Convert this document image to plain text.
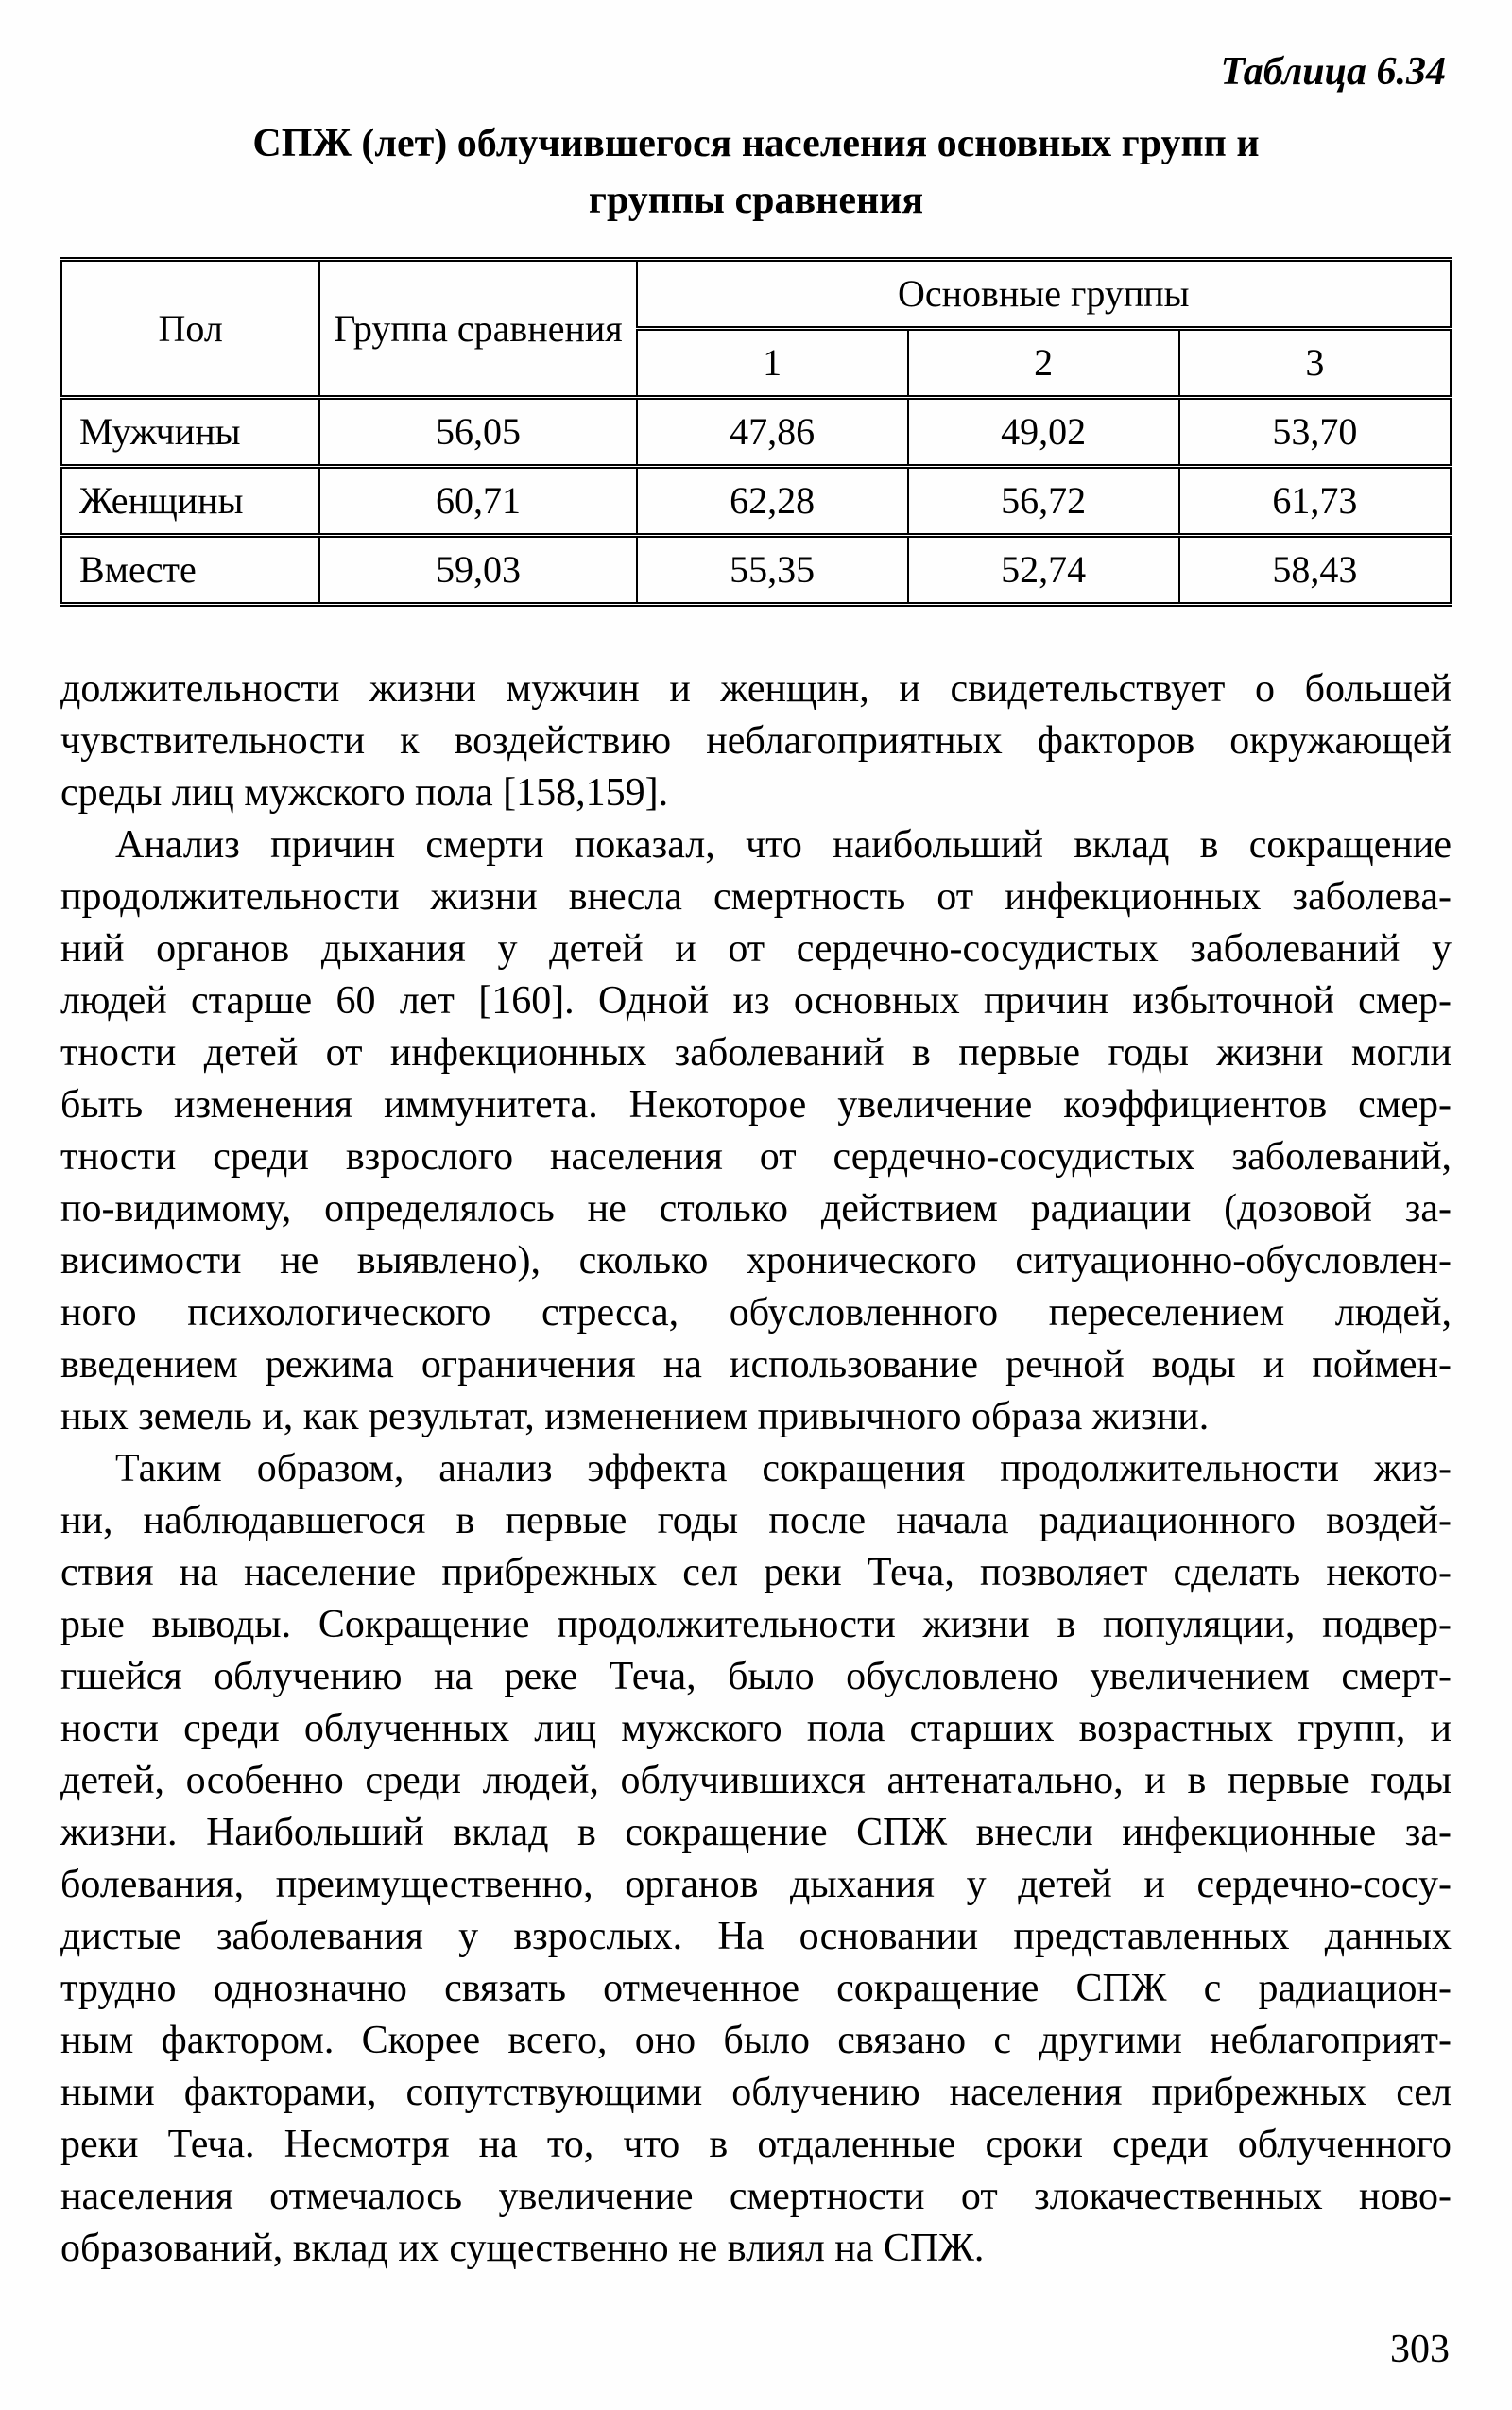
Таблица 6.34
СПЖ (лет) облучившегося населения основных групп и
группы сравнения
Пол	Группа сравнения	Основные группы		
		1	2	3
Мужчины	56,05	47,86	49,02	53,70
Женщины	60,71	62,28	56,72	61,73
Вместе	59,03	55,35	52,74	58,43
должительности жизни мужчин и женщин, и свидетельствует о большей
чувствительности к воздействию неблагоприятных факторов окружающей
среды лиц мужского пола [158,159].
Анализ причин смерти показал, что наибольший вклад в сокращение
продолжительности жизни внесла смертность от инфекционных заболева-
ний органов дыхания у детей и от сердечно-сосудистых заболеваний у
людей старше 60 лет [160]. Одной из основных причин избыточной смер-
тности детей от инфекционных заболеваний в первые годы жизни могли
быть изменения иммунитета. Некоторое увеличение коэффициентов смер-
тности среди взрослого населения от сердечно-сосудистых заболеваний,
по-видимому, определялось не столько действием радиации (дозовой за-
висимости не выявлено), сколько хронического ситуационно-обусловлен-
ного психологического стресса, обусловленного переселением людей,
введением режима ограничения на использование речной воды и поймен-
ных земель и, как результат, изменением привычного образа жизни.
Таким образом, анализ эффекта сокращения продолжительности жиз-
ни, наблюдавшегося в первые годы после начала радиационного воздей-
ствия на население прибрежных сел реки Теча, позволяет сделать некото-
рые выводы. Сокращение продолжительности жизни в популяции, подвер-
гшейся облучению на реке Теча, было обусловлено увеличением смерт-
ности среди облученных лиц мужского пола старших возрастных групп, и
детей, особенно среди людей, облучившихся антенатально, и в первые годы
жизни. Наибольший вклад в сокращение СПЖ внесли инфекционные за-
болевания, преимущественно, органов дыхания у детей и сердечно-сосу-
дистые заболевания у взрослых. На основании представленных данных
трудно однозначно связать отмеченное сокращение СПЖ с радиацион-
ным фактором. Скорее всего, оно было связано с другими неблагоприят-
ными факторами, сопутствующими облучению населения прибрежных сел
реки Теча. Несмотря на то, что в отдаленные сроки среди облученного
населения отмечалось увеличение смертности от злокачественных ново-
образований, вклад их существенно не влиял на СПЖ.
303
